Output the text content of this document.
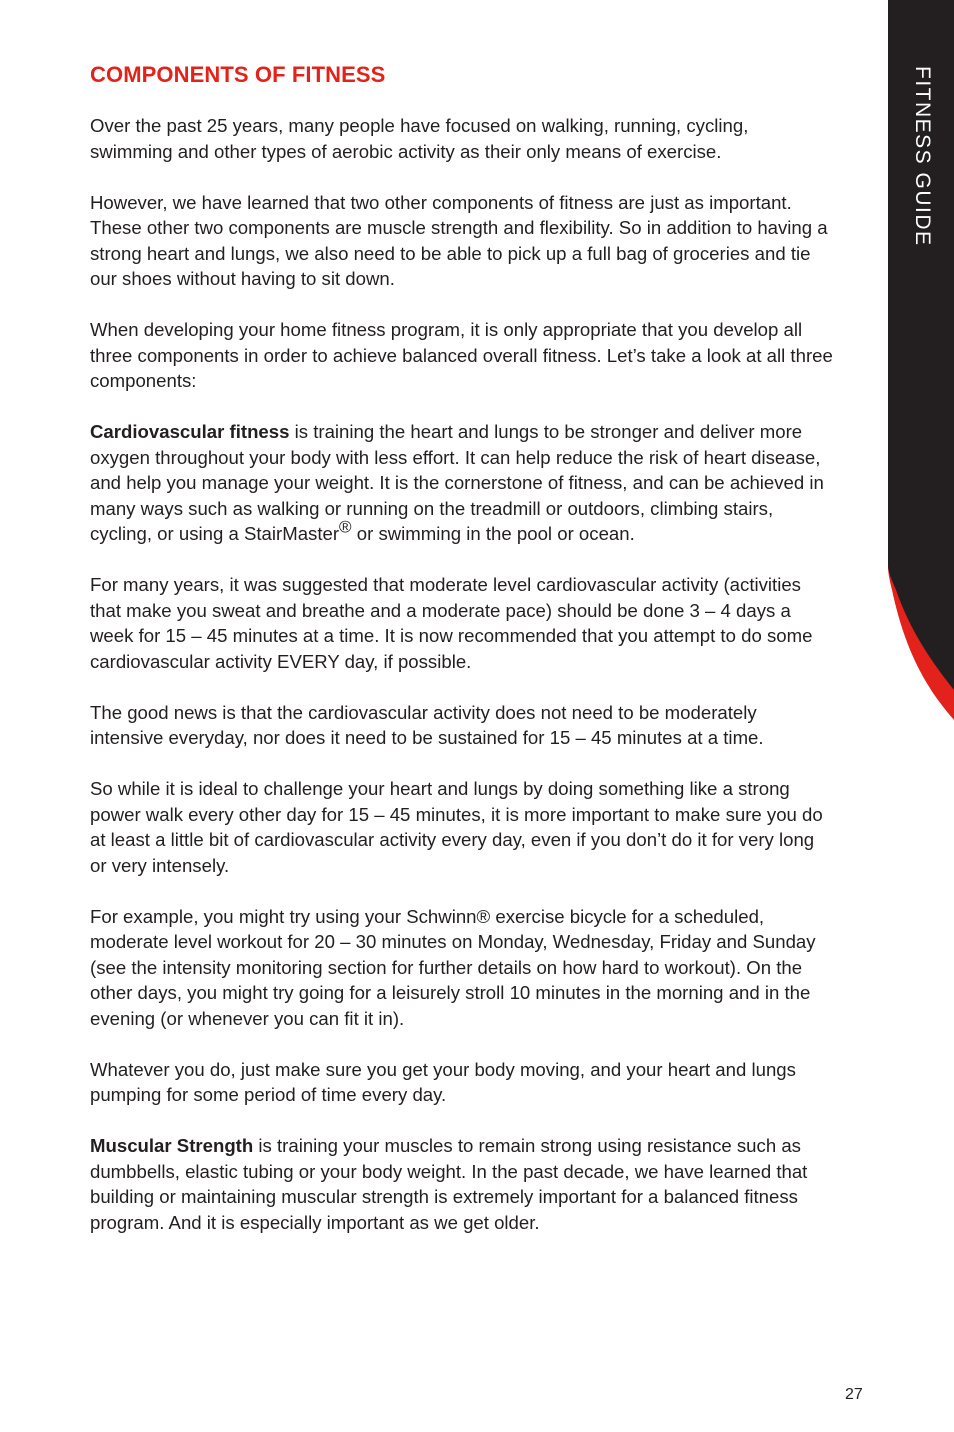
FITNESS GUIDE
COMPONENTS OF FITNESS

Over the past 25 years, many people have focused on walking, running, cycling, swimming and other types of aerobic activity as their only means of exercise.

However, we have learned that two other components of fitness are just as important. These other two components are muscle strength and flexibility. So in addition to having a strong heart and lungs, we also need to be able to pick up a full bag of groceries and tie our shoes without having to sit down.

When developing your home fitness program, it is only appropriate that you develop all three components in order to achieve balanced overall fitness. Let’s take a look at all three components:

Cardiovascular fitness is training the heart and lungs to be stronger and deliver more oxygen throughout your body with less effort. It can help reduce the risk of heart disease, and help you manage your weight. It is the cornerstone of fitness, and can be achieved in many ways such as walking or running on the treadmill or outdoors, climbing stairs, cycling, or using a StairMaster® or swimming in the pool or ocean.

For many years, it was suggested that moderate level cardiovascular activity (activities that make you sweat and breathe and a moderate pace) should be done 3 – 4 days a week for 15 – 45 minutes at a time. It is now recommended that you attempt to do some cardiovascular activity EVERY day, if possible.

The good news is that the cardiovascular activity does not need to be moderately intensive everyday, nor does it need to be sustained for 15 – 45 minutes at a time.

So while it is ideal to challenge your heart and lungs by doing something like a strong power walk every other day for 15 – 45 minutes, it is more important to make sure you do at least a little bit of cardiovascular activity every day, even if you don’t do it for very long or very intensely.

For example, you might try using your Schwinn® exercise bicycle for a scheduled, moderate level workout for 20 – 30 minutes on Monday, Wednesday, Friday and Sunday (see the intensity monitoring section for further details on how hard to workout). On the other days, you might try going for a leisurely stroll 10 minutes in the morning and in the evening (or whenever you can fit it in).

Whatever you do, just make sure you get your body moving, and your heart and lungs pumping for some period of time every day.

Muscular Strength is training your muscles to remain strong using resistance such as dumbbells, elastic tubing or your body weight. In the past decade, we have learned that building or maintaining muscular strength is extremely important for a balanced fitness program. And it is especially important as we get older.

27
